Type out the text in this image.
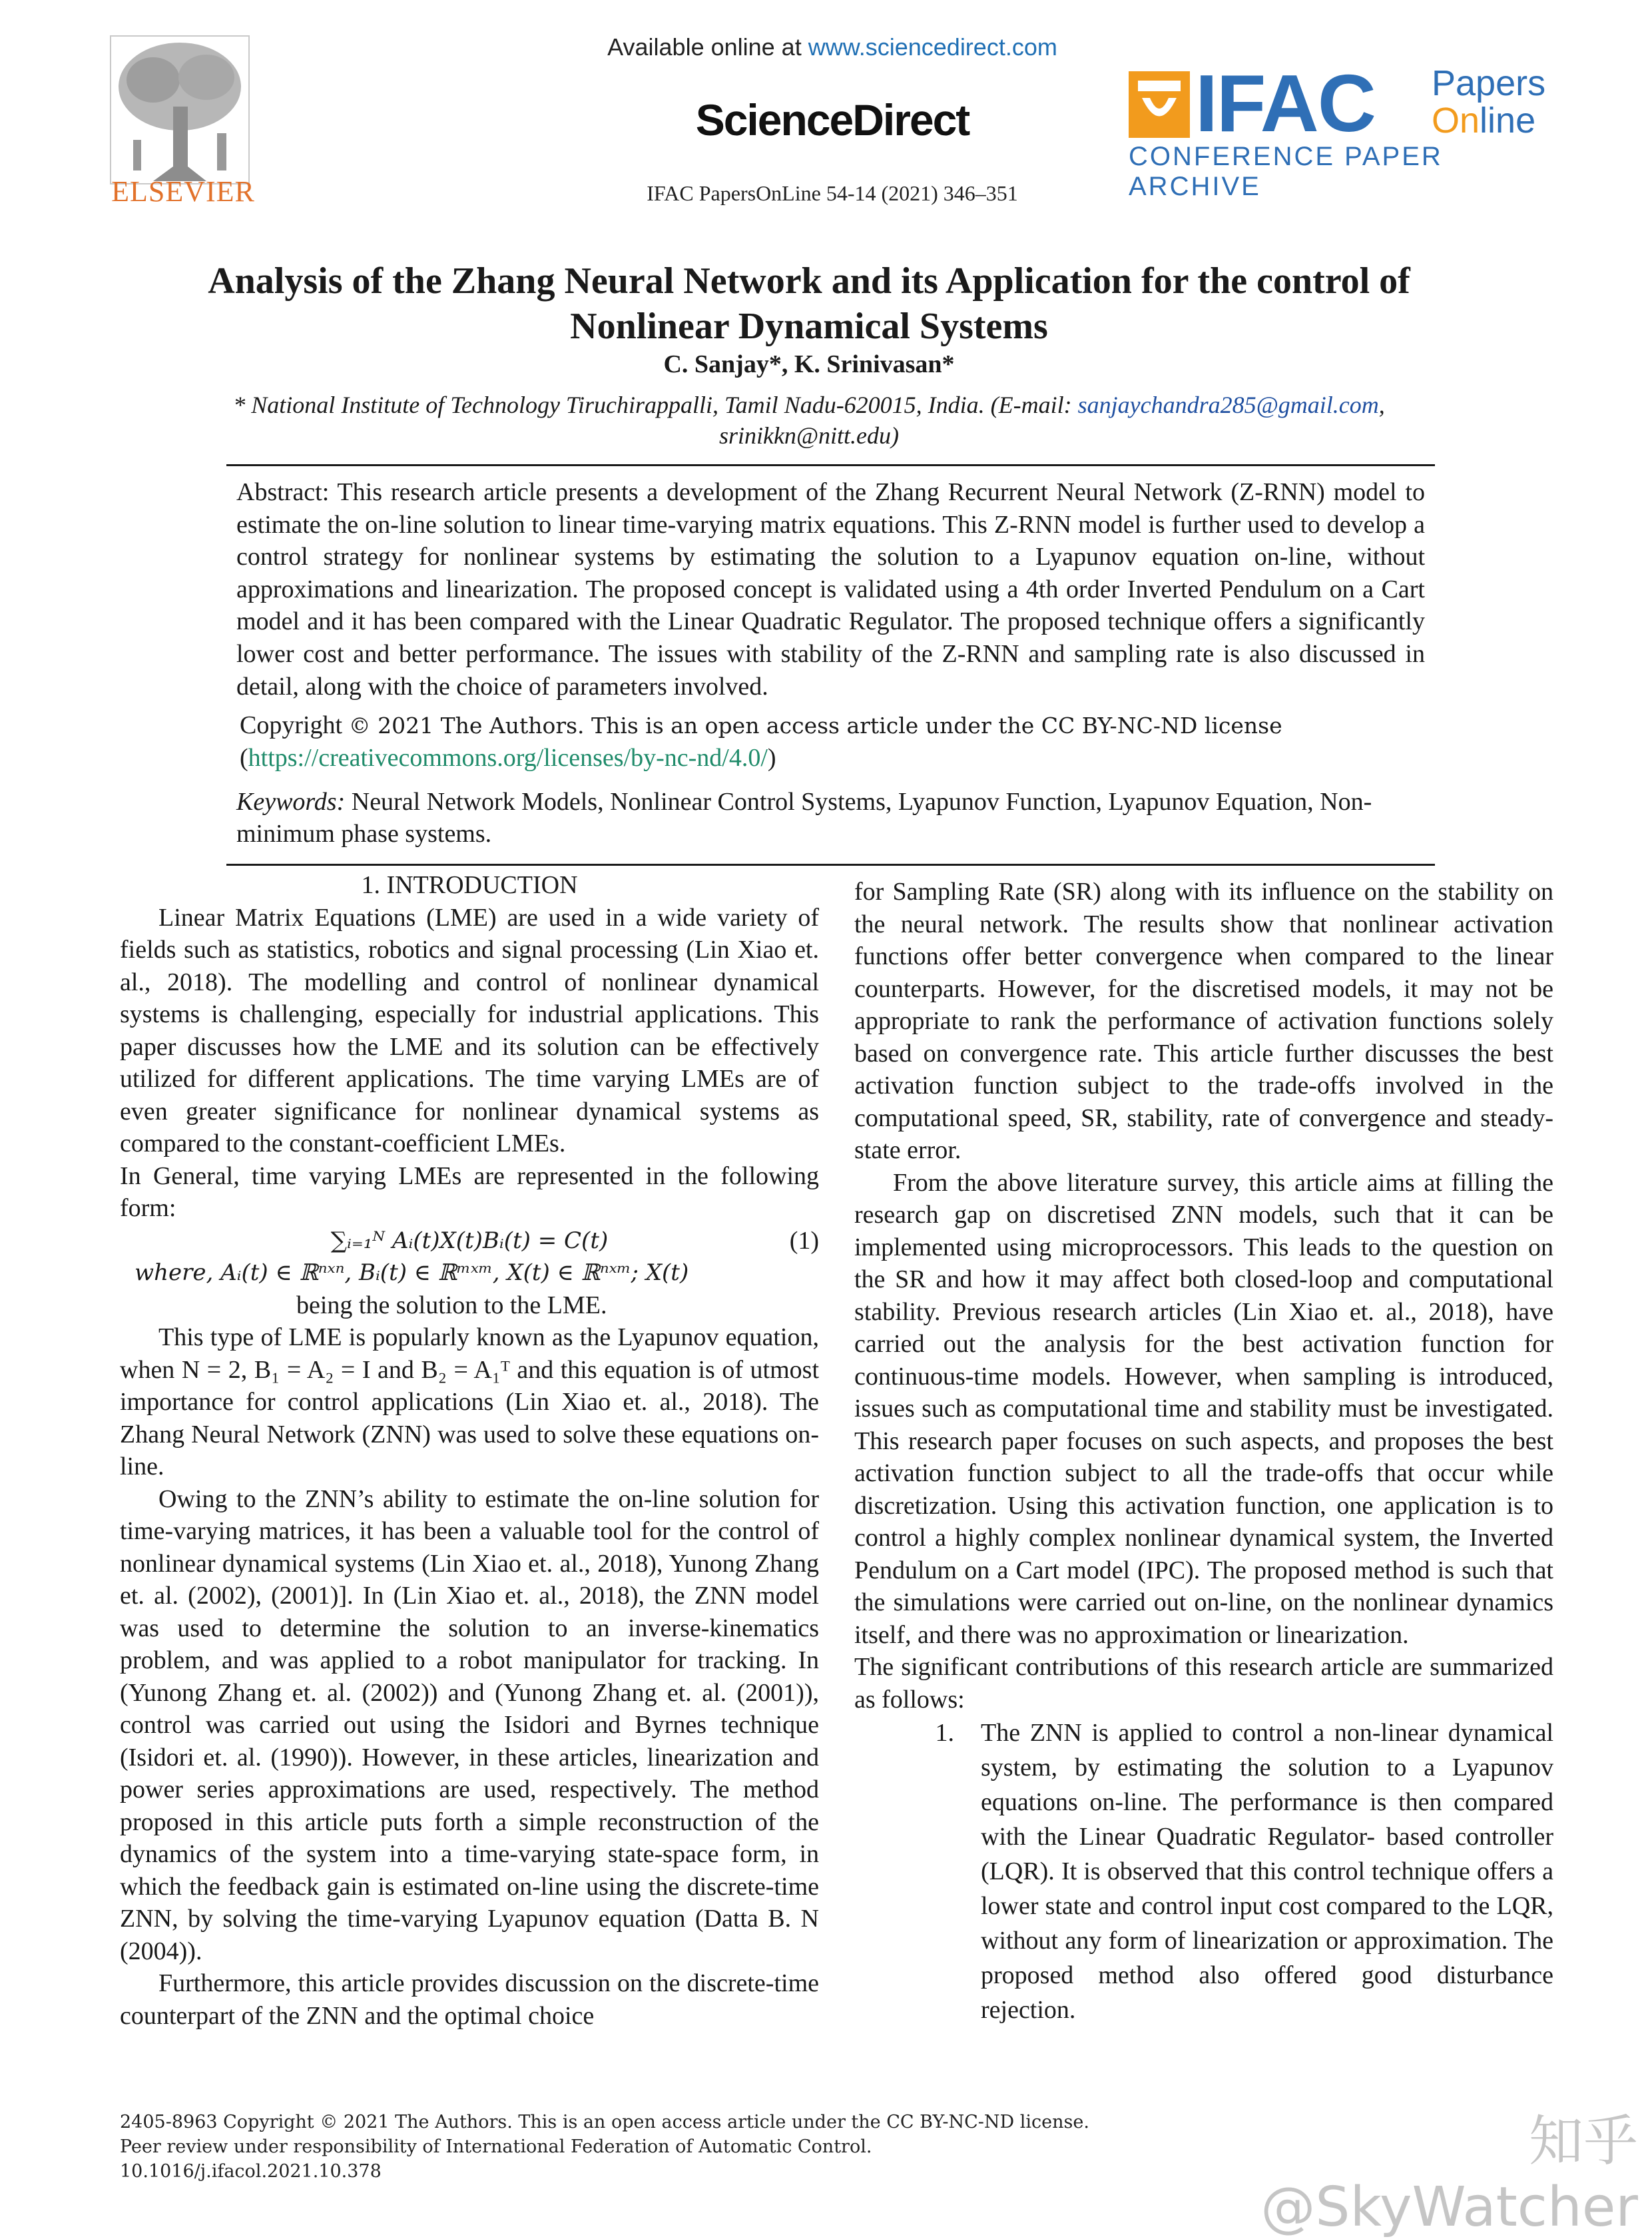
ELSEVIER
Available online at www.sciencedirect.com
ScienceDirect
IFAC PapersOnLine 54-14 (2021) 346–351
IFAC Papers
Online
CONFERENCE PAPER ARCHIVE
Analysis of the Zhang Neural Network and its Application for the control of
Nonlinear Dynamical Systems
C. Sanjay*, K. Srinivasan*
* National Institute of Technology Tiruchirappalli, Tamil Nadu-620015, India. (E-mail: sanjaychandra285@gmail.com,
srinikkn@nitt.edu)
Abstract: This research article presents a development of the Zhang Recurrent Neural Network (Z-RNN) model to estimate the on-line solution to linear time-varying matrix equations. This Z-RNN model is further used to develop a control strategy for nonlinear systems by estimating the solution to a Lyapunov equation on-line, without approximations and linearization. The proposed concept is validated using a 4th order Inverted Pendulum on a Cart model and it has been compared with the Linear Quadratic Regulator. The proposed technique offers a significantly lower cost and better performance. The issues with stability of the Z-RNN and sampling rate is also discussed in detail, along with the choice of parameters involved.
Copyright © 2021 The Authors. This is an open access article under the CC BY-NC-ND license
(https://creativecommons.org/licenses/by-nc-nd/4.0/)
Keywords: Neural Network Models, Nonlinear Control Systems, Lyapunov Function, Lyapunov Equation, Non-minimum phase systems.

1. INTRODUCTION

Linear Matrix Equations (LME) are used in a wide variety of fields such as statistics, robotics and signal processing (Lin Xiao et. al., 2018). The modelling and control of nonlinear dynamical systems is challenging, especially for industrial applications. This paper discusses how the LME and its solution can be effectively utilized for different applications. The time varying LMEs are of even greater significance for nonlinear dynamical systems as compared to the constant-coefficient LMEs.

In General, time varying LMEs are represented in the following form:

∑ᵢ₌₁ᴺ Aᵢ(t)X(t)Bᵢ(t) = C(t)	(1)

where, Aᵢ(t) ∈ ℝⁿˣⁿ, Bᵢ(t) ∈ ℝᵐˣᵐ, X(t) ∈ ℝⁿˣᵐ; X(t)

being the solution to the LME.

This type of LME is popularly known as the Lyapunov equation, when N = 2, B₁ = A₂ = I and B₂ = A₁ᵀ and this equation is of utmost importance for control applications (Lin Xiao et. al., 2018). The Zhang Neural Network (ZNN) was used to solve these equations on-line.

Owing to the ZNN’s ability to estimate the on-line solution for time-varying matrices, it has been a valuable tool for the control of nonlinear dynamical systems (Lin Xiao et. al., 2018), Yunong Zhang et. al. (2002), (2001)]. In (Lin Xiao et. al., 2018), the ZNN model was used to determine the solution to an inverse-kinematics problem, and was applied to a robot manipulator for tracking. In (Yunong Zhang et. al. (2002)) and (Yunong Zhang et. al. (2001)), control was carried out using the Isidori and Byrnes technique (Isidori et. al. (1990)). However, in these articles, linearization and power series approximations are used, respectively. The method proposed in this article puts forth a simple reconstruction of the dynamics of the system into a time-varying state-space form, in which the feedback gain is estimated on-line using the discrete-time ZNN, by solving the time-varying Lyapunov equation (Datta B. N (2004)).

Furthermore, this article provides discussion on the discrete-time counterpart of the ZNN and the optimal choice

for Sampling Rate (SR) along with its influence on the stability on the neural network. The results show that nonlinear activation functions offer better convergence when compared to the linear counterparts. However, for the discretised models, it may not be appropriate to rank the performance of activation functions solely based on convergence rate. This article further discusses the best activation function subject to the trade-offs involved in the computational speed, SR, stability, rate of convergence and steady-state error.

From the above literature survey, this article aims at filling the research gap on discretised ZNN models, such that it can be implemented using microprocessors. This leads to the question on the SR and how it may affect both closed-loop and computational stability. Previous research articles (Lin Xiao et. al., 2018), have carried out the analysis for the best activation function for continuous-time models. However, when sampling is introduced, issues such as computational time and stability must be investigated. This research paper focuses on such aspects, and proposes the best activation function subject to all the trade-offs that occur while discretization. Using this activation function, one application is to control a highly complex nonlinear dynamical system, the Inverted Pendulum on a Cart model (IPC). The proposed method is such that the simulations were carried out on-line, on the nonlinear dynamics itself, and there was no approximation or linearization.

The significant contributions of this research article are summarized as follows:

1.	The ZNN is applied to control a non-linear dynamical system, by estimating the solution to a Lyapunov equations on-line. The performance is then compared with the Linear Quadratic Regulator- based controller (LQR). It is observed that this control technique offers a lower state and control input cost compared to the LQR, without any form of linearization or approximation. The proposed method also offered good disturbance rejection.
2405-8963 Copyright © 2021 The Authors. This is an open access article under the CC BY-NC-ND license.
Peer review under responsibility of International Federation of Automatic Control.
10.1016/j.ifacol.2021.10.378	知乎 @SkyWatcher
